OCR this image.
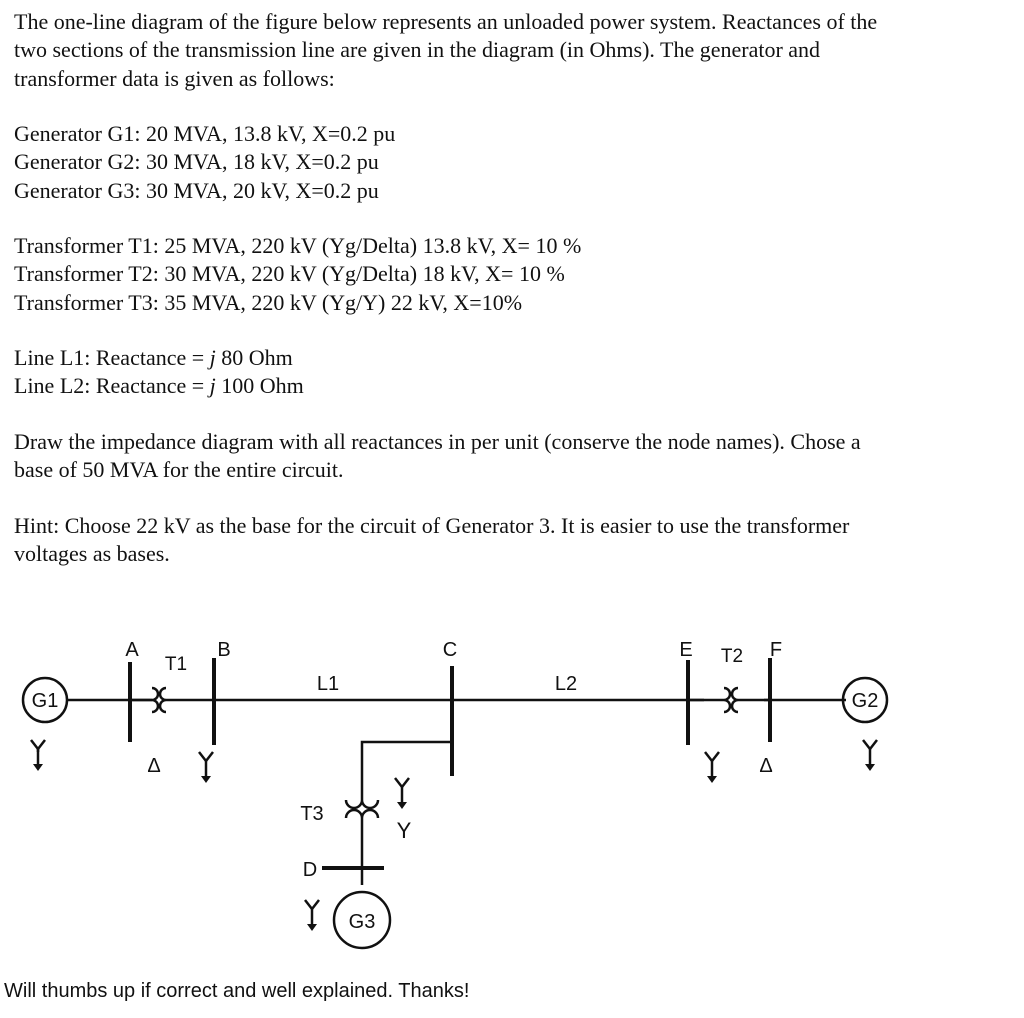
The one-line diagram of the figure below represents an unloaded power system. Reactances of the
two sections of the transmission line are given in the diagram (in Ohms). The generator and
transformer data is given as follows:
Generator G1: 20 MVA, 13.8 kV, X=0.2 pu
Generator G2: 30 MVA, 18 kV, X=0.2 pu
Generator G3: 30 MVA, 20 kV, X=0.2 pu
Transformer T1: 25 MVA, 220 kV (Yg/Delta) 13.8 kV, X= 10 %
Transformer T2: 30 MVA, 220 kV (Yg/Delta) 18 kV, X= 10 %
Transformer T3: 35 MVA, 220 kV (Yg/Y) 22 kV, X=10%
Line L1: Reactance = j 80 Ohm
Line L2: Reactance = j 100 Ohm
Draw the impedance diagram with all reactances in per unit (conserve the node names). Chose a
base of 50 MVA for the entire circuit.
Hint: Choose 22 kV as the base for the circuit of Generator 3. It is easier to use the transformer
voltages as bases.
A
T1
B
L1
C
L2
E T2 F
G1	G2
T3
D
G3
Δ	Δ
Y
Will thumbs up if correct and well explained. Thanks!
